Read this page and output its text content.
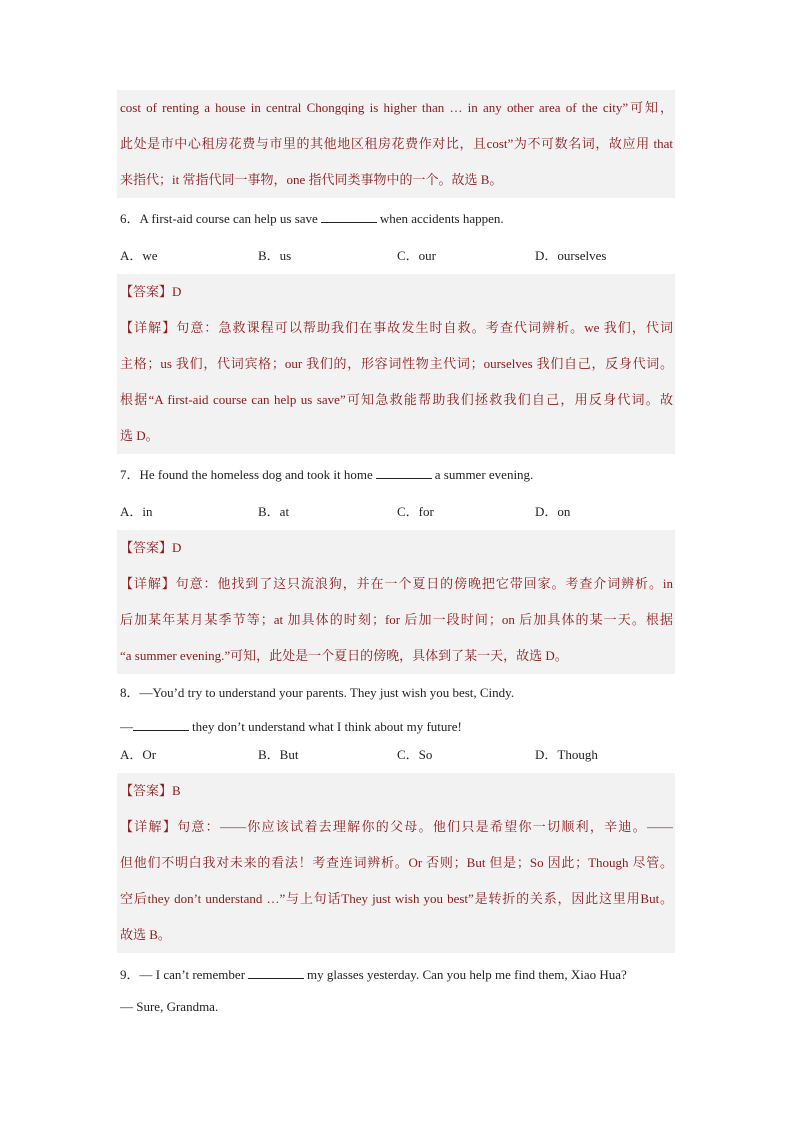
cost of renting a house in central Chongqing is higher than … in any other area of the city”可知，
此处是市中心租房花费与市里的其他地区租房花费作对比，且cost”为不可数名词，故应用 that
来指代；it 常指代同一事物，one 指代同类事物中的一个。故选 B。
6．A first-aid course can help us save	when accidents happen.
A．we	B．us	C．our	D．ourselves
【答案】D
【详解】句意：急救课程可以帮助我们在事故发生时自救。考查代词辨析。we 我们，代词
主格；us 我们，代词宾格；our 我们的，形容词性物主代词；ourselves 我们自己，反身代词。
根据“A first-aid course can help us save”可知急救能帮助我们拯救我们自己，用反身代词。故
选 D。
7．He found the homeless dog and took it home	a summer evening.
A．in	B．at	C．for	D．on
【答案】D
【详解】句意：他找到了这只流浪狗，并在一个夏日的傍晚把它带回家。考查介词辨析。in
后加某年某月某季节等；at 加具体的时刻；for 后加一段时间；on 后加具体的某一天。根据
“a summer evening.”可知，此处是一个夏日的傍晚，具体到了某一天，故选 D。
8．—You’d try to understand your parents. They just wish you best, Cindy.
—	they don’t understand what I think about my future!
A．Or	B．But	C．So	D．Though
【答案】B
【详解】句意：——你应该试着去理解你的父母。他们只是希望你一切顺利，辛迪。——
但他们不明白我对未来的看法！考查连词辨析。Or 否则；But 但是；So 因此；Though 尽管。
空后they don’t understand …”与上句话They just wish you best”是转折的关系，因此这里用But。
故选 B。
9．— I can’t remember	my glasses yesterday. Can you help me find them, Xiao Hua?
— Sure, Grandma.
